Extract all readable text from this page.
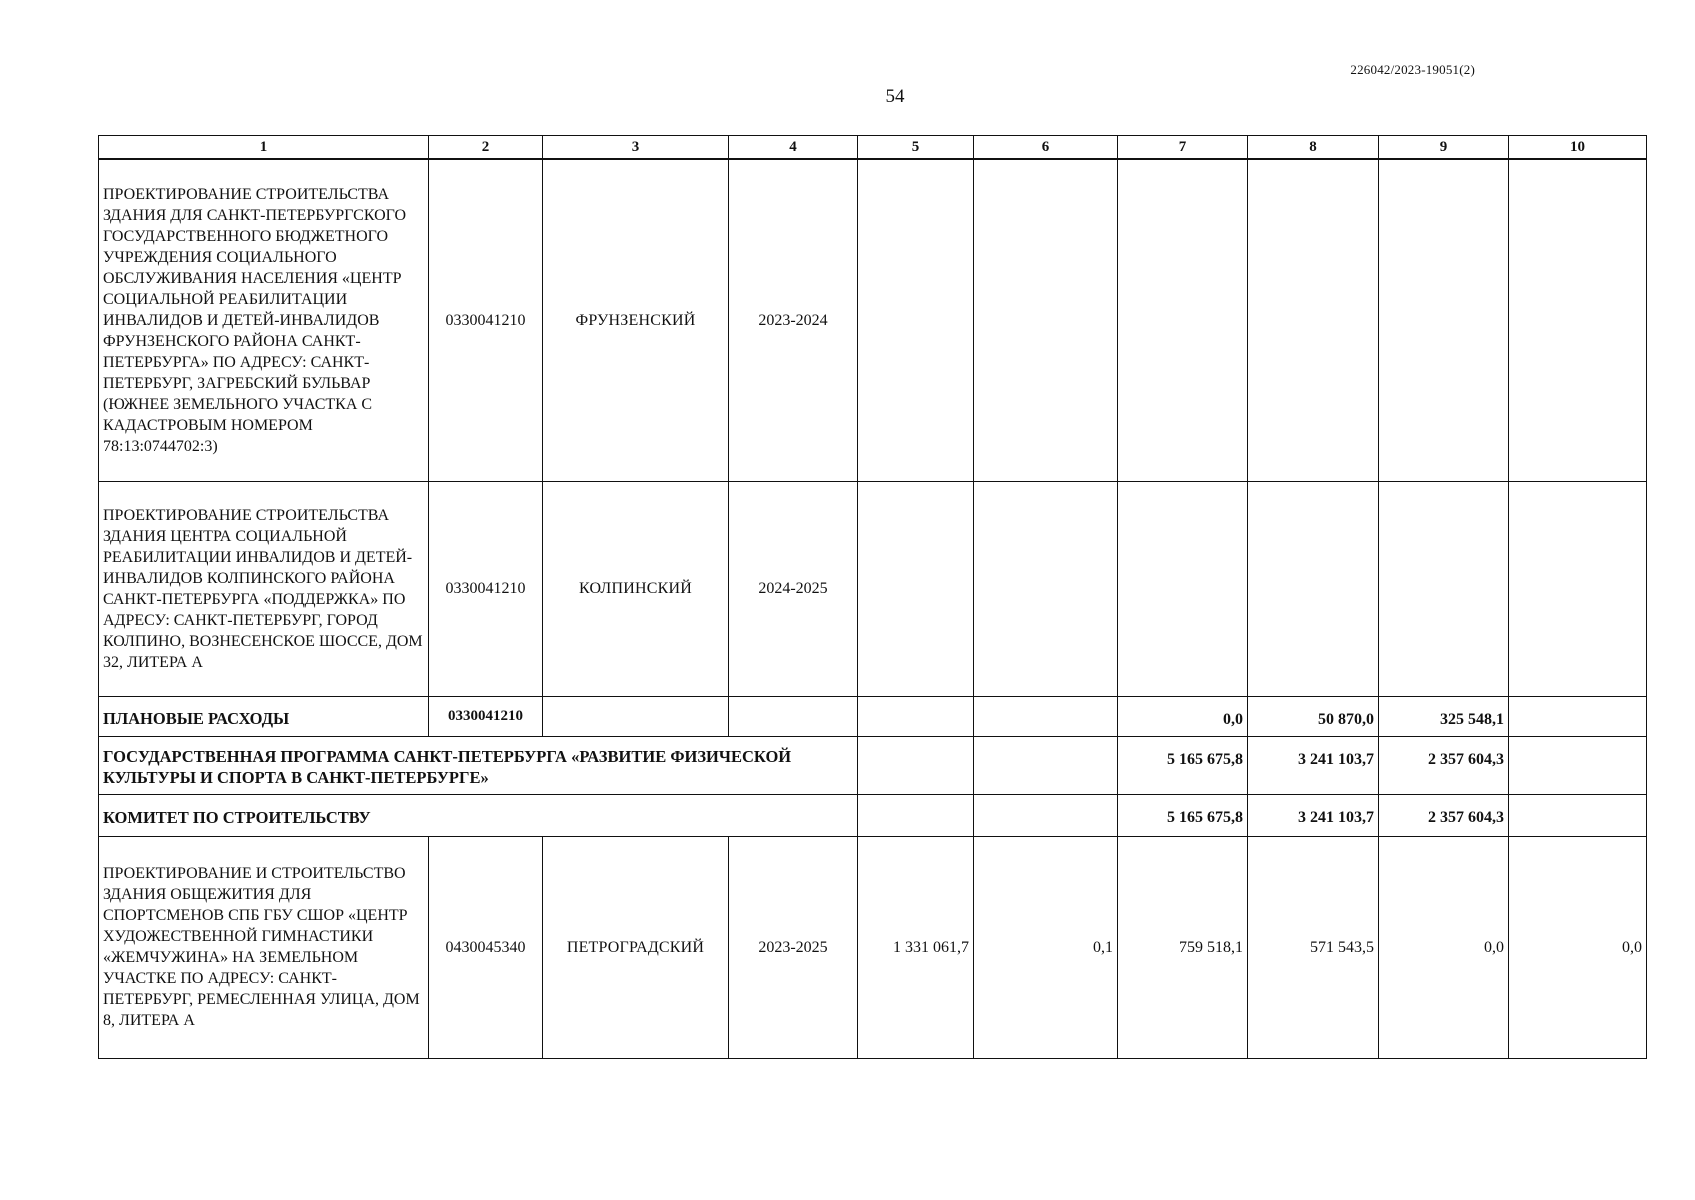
226042/2023-19051(2)
54
1	2	3	4	5	6	7	8	9	10
ПРОЕКТИРОВАНИЕ СТРОИТЕЛЬСТВА ЗДАНИЯ ДЛЯ САНКТ-ПЕТЕРБУРГСКОГО ГОСУДАРСТВЕННОГО БЮДЖЕТНОГО УЧРЕЖДЕНИЯ СОЦИАЛЬНОГО ОБСЛУЖИВАНИЯ НАСЕЛЕНИЯ «ЦЕНТР СОЦИАЛЬНОЙ РЕАБИЛИТАЦИИ ИНВАЛИДОВ И ДЕТЕЙ-ИНВАЛИДОВ ФРУНЗЕНСКОГО РАЙОНА САНКТ-ПЕТЕРБУРГА» ПО АДРЕСУ: САНКТ-ПЕТЕРБУРГ, ЗАГРЕБСКИЙ БУЛЬВАР (ЮЖНЕЕ ЗЕМЕЛЬНОГО УЧАСТКА С КАДАСТРОВЫМ НОМЕРОМ 78:13:0744702:3)	0330041210	ФРУНЗЕНСКИЙ	2023-2024						
ПРОЕКТИРОВАНИЕ СТРОИТЕЛЬСТВА ЗДАНИЯ ЦЕНТРА СОЦИАЛЬНОЙ РЕАБИЛИТАЦИИ ИНВАЛИДОВ И ДЕТЕЙ-ИНВАЛИДОВ КОЛПИНСКОГО РАЙОНА САНКТ-ПЕТЕРБУРГА «ПОДДЕРЖКА» ПО АДРЕСУ: САНКТ-ПЕТЕРБУРГ, ГОРОД КОЛПИНО, ВОЗНЕСЕНСКОЕ ШОССЕ, ДОМ 32, ЛИТЕРА А	0330041210	КОЛПИНСКИЙ	2024-2025						
ПЛАНОВЫЕ РАСХОДЫ	0330041210					0,0	50 870,0	325 548,1	
ГОСУДАРСТВЕННАЯ ПРОГРАММА САНКТ-ПЕТЕРБУРГА «РАЗВИТИЕ ФИЗИЧЕСКОЙ КУЛЬТУРЫ И СПОРТА В САНКТ-ПЕТЕРБУРГЕ»						5 165 675,8	3 241 103,7	2 357 604,3	
КОМИТЕТ ПО СТРОИТЕЛЬСТВУ						5 165 675,8	3 241 103,7	2 357 604,3	
ПРОЕКТИРОВАНИЕ И СТРОИТЕЛЬСТВО ЗДАНИЯ ОБЩЕЖИТИЯ ДЛЯ СПОРТСМЕНОВ СПБ ГБУ СШОР «ЦЕНТР ХУДОЖЕСТВЕННОЙ ГИМНАСТИКИ «ЖЕМЧУЖИНА» НА ЗЕМЕЛЬНОМ УЧАСТКЕ ПО АДРЕСУ: САНКТ-ПЕТЕРБУРГ, РЕМЕСЛЕННАЯ УЛИЦА, ДОМ 8, ЛИТЕРА А	0430045340	ПЕТРОГРАДСКИЙ	2023-2025	1 331 061,7	0,1	759 518,1	571 543,5	0,0	0,0
